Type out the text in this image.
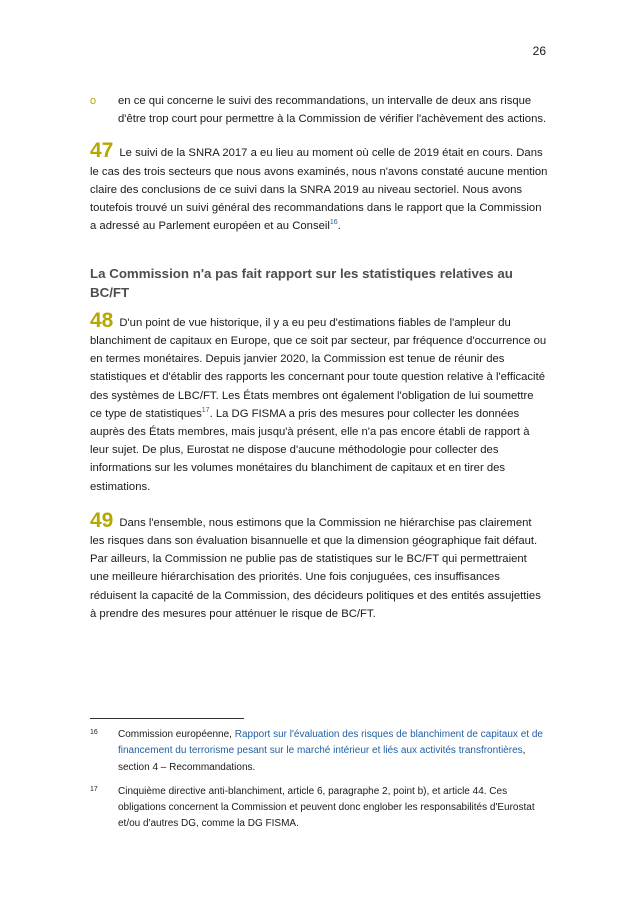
26
o	en ce qui concerne le suivi des recommandations, un intervalle de deux ans risque d'être trop court pour permettre à la Commission de vérifier l'achèvement des actions.

47 Le suivi de la SNRA 2017 a eu lieu au moment où celle de 2019 était en cours. Dans le cas des trois secteurs que nous avons examinés, nous n'avons constaté aucune mention claire des conclusions de ce suivi dans la SNRA 2019 au niveau sectoriel. Nous avons toutefois trouvé un suivi général des recommandations dans le rapport que la Commission a adressé au Parlement européen et au Conseil$^{16}$.

La Commission n'a pas fait rapport sur les statistiques relatives au BC/FT

48 D'un point de vue historique, il y a eu peu d'estimations fiables de l'ampleur du blanchiment de capitaux en Europe, que ce soit par secteur, par fréquence d'occurrence ou en termes monétaires. Depuis janvier 2020, la Commission est tenue de réunir des statistiques et d'établir des rapports les concernant pour toute question relative à l'efficacité des systèmes de LBC/FT. Les États membres ont également l'obligation de lui soumettre ce type de statistiques$^{17}$. La DG FISMA a pris des mesures pour collecter les données auprès des États membres, mais jusqu'à présent, elle n'a pas encore établi de rapport à leur sujet. De plus, Eurostat ne dispose d'aucune méthodologie pour collecter des informations sur les volumes monétaires du blanchiment de capitaux et en tirer des estimations.

49 Dans l'ensemble, nous estimons que la Commission ne hiérarchise pas clairement les risques dans son évaluation bisannuelle et que la dimension géographique fait défaut. Par ailleurs, la Commission ne publie pas de statistiques sur le BC/FT qui permettraient une meilleure hiérarchisation des priorités. Une fois conjuguées, ces insuffisances réduisent la capacité de la Commission, des décideurs politiques et des entités assujetties à prendre des mesures pour atténuer le risque de BC/FT.

16	Commission européenne, Rapport sur l'évaluation des risques de blanchiment de capitaux et de financement du terrorisme pesant sur le marché intérieur et liés aux activités transfrontières, section 4 – Recommandations.
17	Cinquième directive anti-blanchiment, article 6, paragraphe 2, point b), et article 44. Ces obligations concernent la Commission et peuvent donc englober les responsabilités d'Eurostat et/ou d'autres DG, comme la DG FISMA.
